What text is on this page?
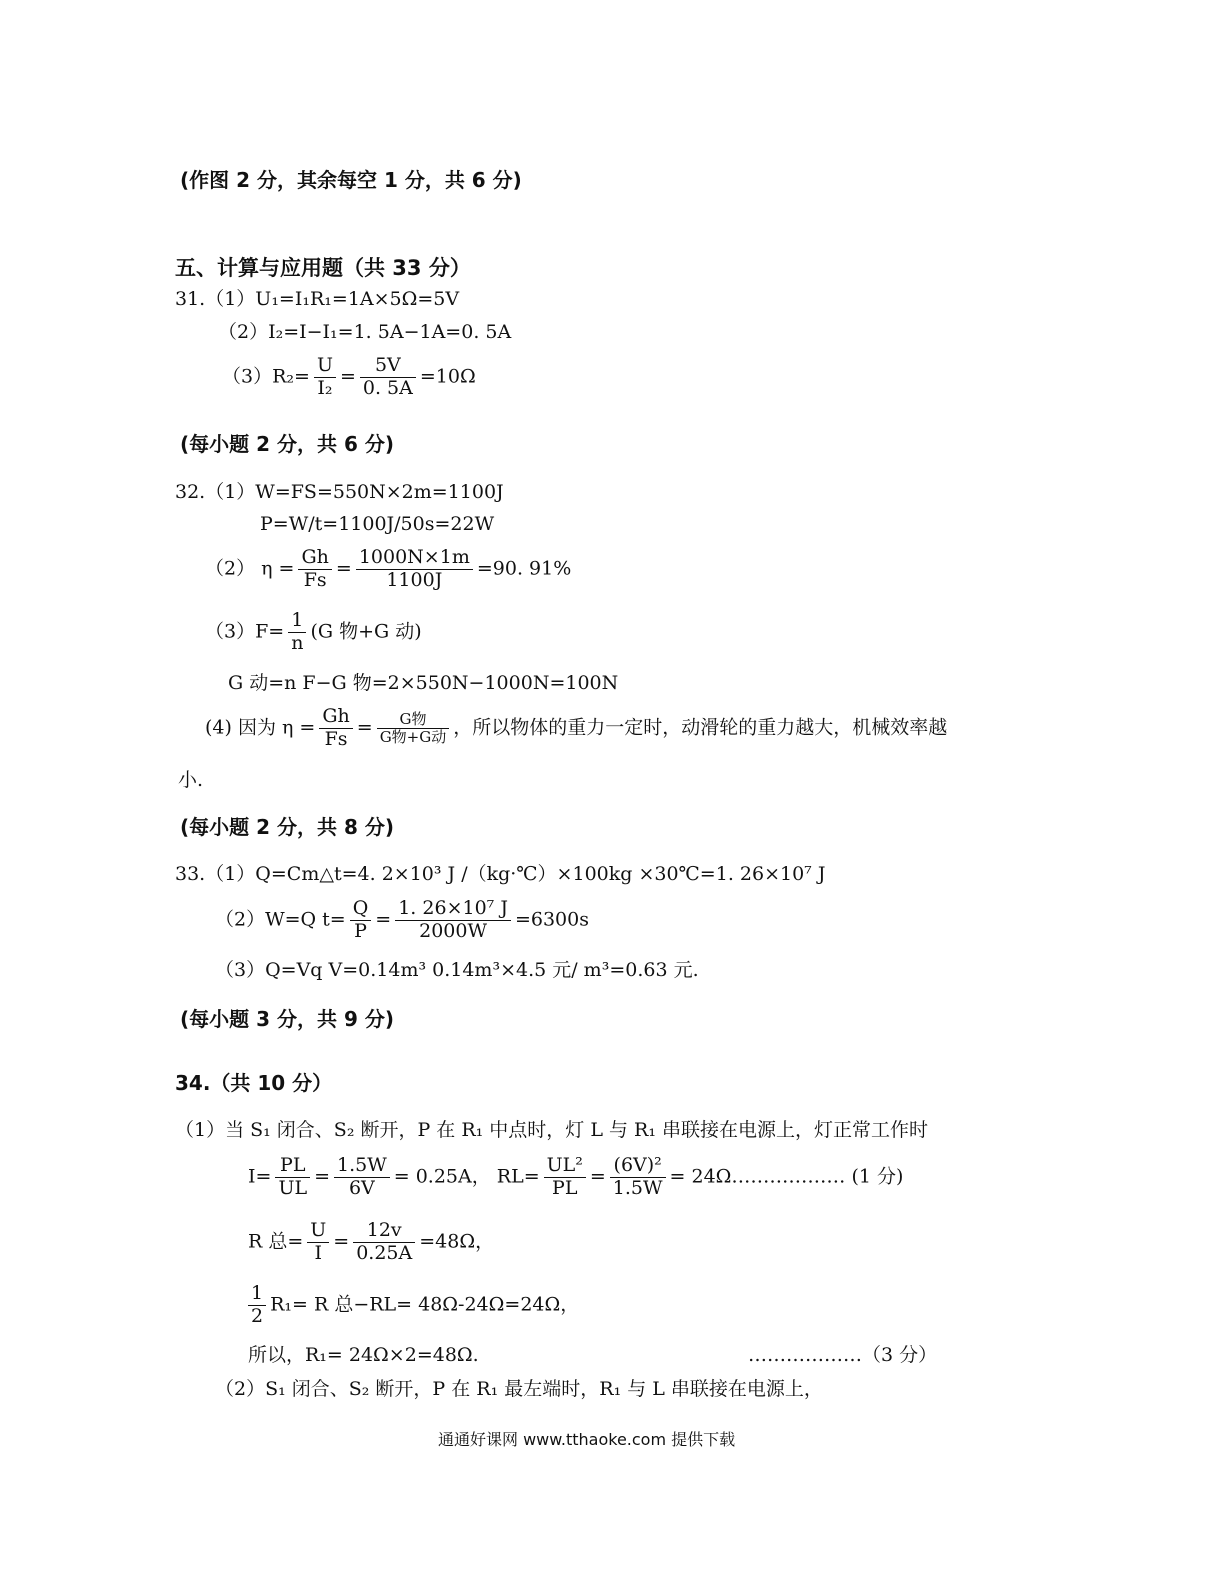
(作图 2 分，其余每空 1 分，共 6 分)
五、计算与应用题（共 33 分）
31.（1）U₁=I₁R₁=1A×5Ω=5V
（2）I₂=I−I₁=1. 5A−1A=0. 5A
$(3)R_2= \frac{U}{\text{I₂}} = \frac{5V}{0. 5A} =10\Omega$
(每小题 2 分，共 6 分)
32.（1）W=FS=550N×2m=1100J
P=W/t=1100J/50s=22W
（2） $\eta = \frac{Gh}{Fs} = \frac{1000N\times 1m}{1100J} =90$. 91%
$(3)F= \frac{1}{n} (G$ 物+G 动)
G 动=n F−G 物=2×550N−1000N=100N
(4) 因为 $\eta = \frac{Gh}{Fs} = \frac{\text{G物}}{\text{G物+G动}}$ ，所以物体的重力一定时，动滑轮的重力越大，机械效率越
小.
(每小题 2 分，共 8 分)
33.（1）Q=Cm△t=4. 2×10³ J /（kg·℃）×100kg ×30℃=1. 26×10⁷ J
（2）W=Q $t= \frac{Q}{P} = \frac{\text{1. 26×10⁷ J}}{2000W} =6300s$
（3）Q=Vq V=0.14m³ 0.14m³×4.5 元/ m³=0.63 元.
(每小题 3 分，共 9 分)
34.（共 10 分）
（1）当 S₁ 闭合、S₂ 断开，P 在 R₁ 中点时，灯 L 与 R₁ 串联接在电源上，灯正常工作时
$I= \frac{PL}{UL} = \frac{1.5W}{6V} = 0.25A$， $RL= \frac{\text{UL²}}{PL} = \frac{\text{(6V)²}}{1.5W}$ = 24Ω……………… (1 分)
R 总= $\frac{U}{I} = \frac{12v}{0.25A} =48\Omega$，
$\frac{1}{2} R_1= R$ 总−RL= 48Ω-24Ω=24Ω，
所以，R₁= 24Ω×2=48Ω.	………………（3 分）
（2）S₁ 闭合、S₂ 断开，P 在 R₁ 最左端时，R₁ 与 L 串联接在电源上，
通通好课网 www.tthaoke.com 提供下载
